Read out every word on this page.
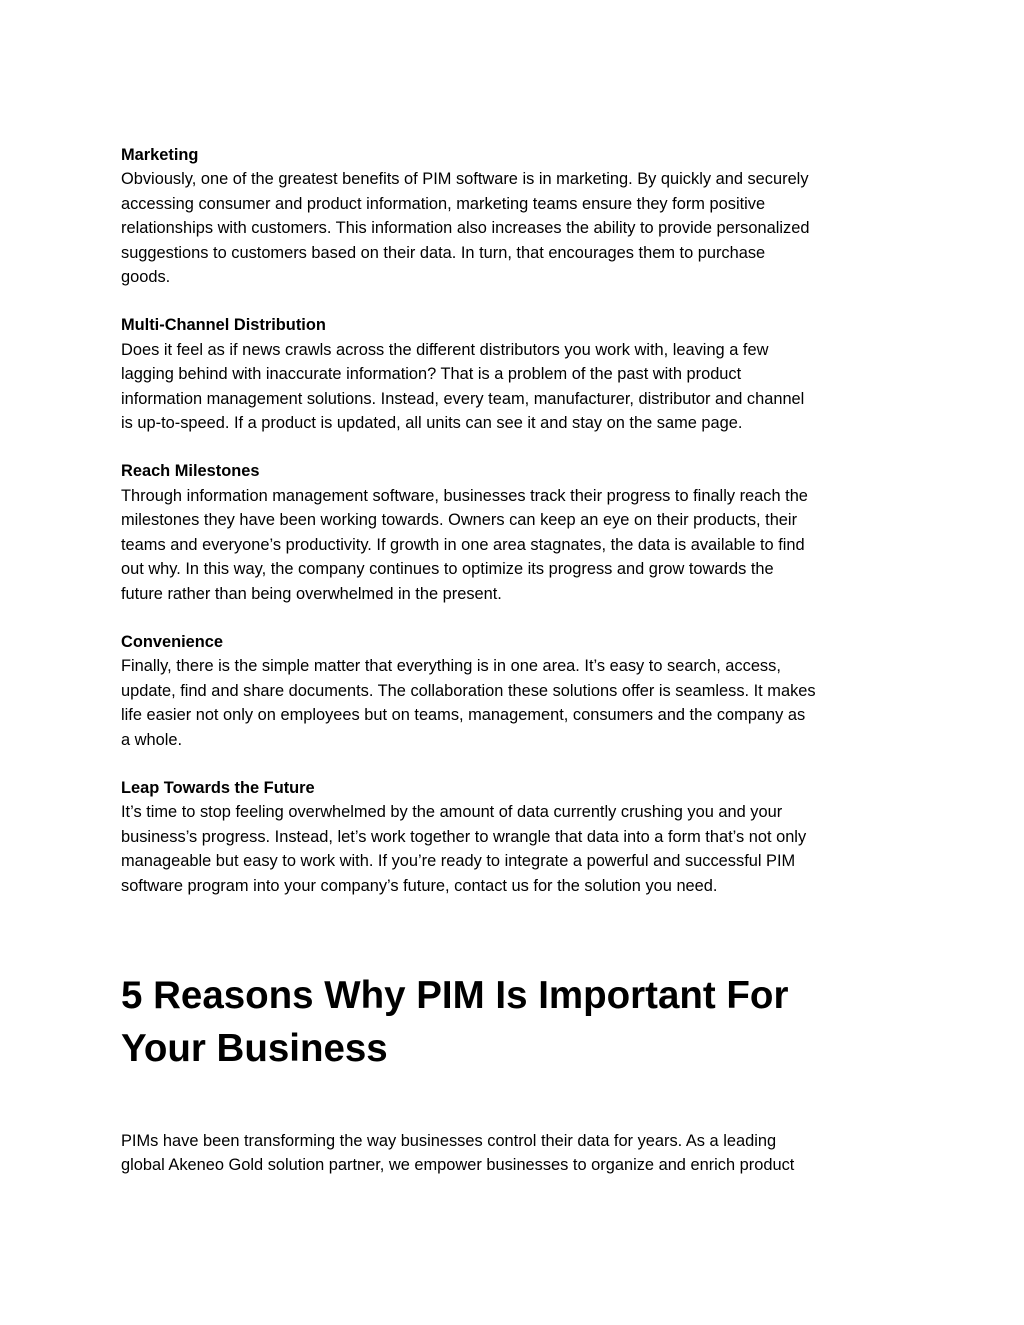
Marketing

Obviously, one of the greatest benefits of PIM software is in marketing. By quickly and securely
accessing consumer and product information, marketing teams ensure they form positive
relationships with customers. This information also increases the ability to provide personalized
suggestions to customers based on their data. In turn, that encourages them to purchase
goods.

Multi-Channel Distribution

Does it feel as if news crawls across the different distributors you work with, leaving a few
lagging behind with inaccurate information? That is a problem of the past with product
information management solutions. Instead, every team, manufacturer, distributor and channel
is up-to-speed. If a product is updated, all units can see it and stay on the same page.

Reach Milestones

Through information management software, businesses track their progress to finally reach the
milestones they have been working towards. Owners can keep an eye on their products, their
teams and everyone’s productivity. If growth in one area stagnates, the data is available to find
out why. In this way, the company continues to optimize its progress and grow towards the
future rather than being overwhelmed in the present.

Convenience

Finally, there is the simple matter that everything is in one area. It’s easy to search, access,
update, find and share documents. The collaboration these solutions offer is seamless. It makes
life easier not only on employees but on teams, management, consumers and the company as
a whole.

Leap Towards the Future

It’s time to stop feeling overwhelmed by the amount of data currently crushing you and your
business’s progress. Instead, let’s work together to wrangle that data into a form that’s not only
manageable but easy to work with. If you’re ready to integrate a powerful and successful PIM
software program into your company’s future, contact us for the solution you need.

5 Reasons Why PIM Is Important For
Your Business

PIMs have been transforming the way businesses control their data for years. As a leading
global Akeneo Gold solution partner, we empower businesses to organize and enrich product
